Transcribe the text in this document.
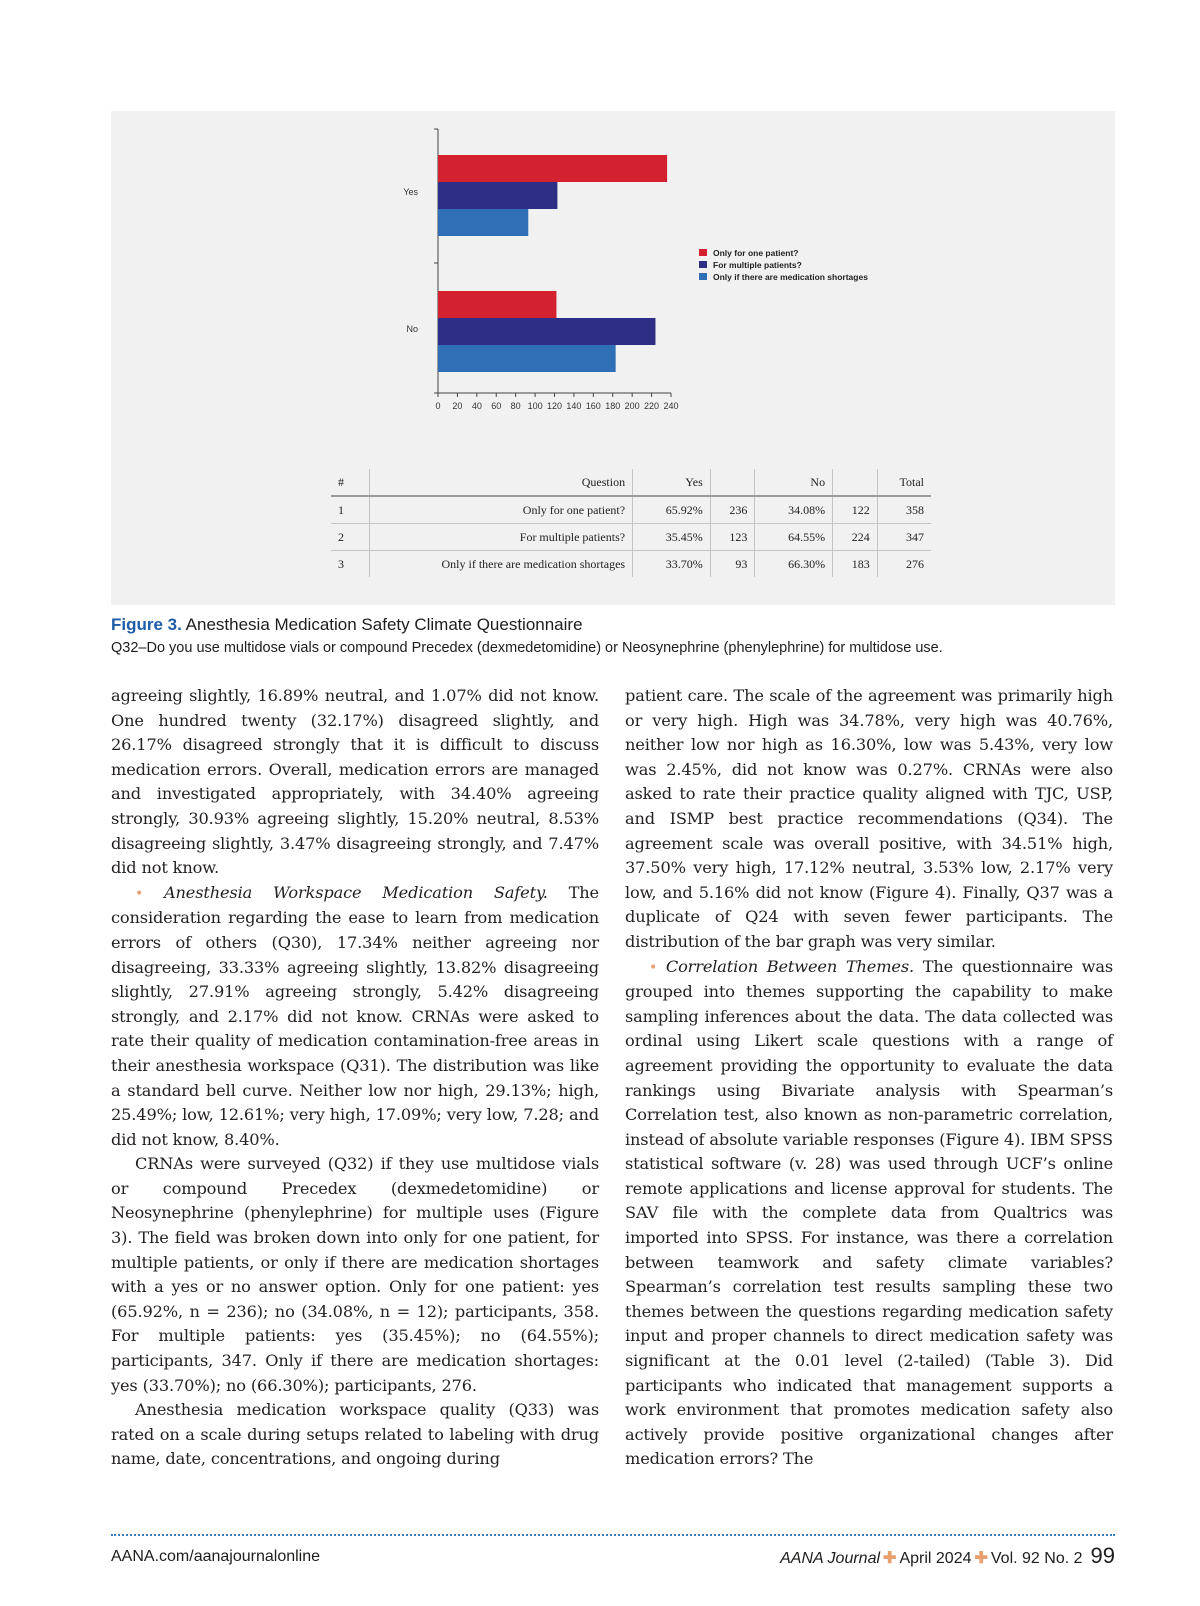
0 20 40 60 80 100 120 140 160 180 200 220 240
Yes
No
Only for one patient?
For multiple patients?
Only if there are medication shortages
#	Question	Yes		No		Total
1	Only for one patient?	65.92%	236	34.08%	122	358
2	For multiple patients?	35.45%	123	64.55%	224	347
3	Only if there are medication shortages	33.70%	93	66.30%	183	276
Figure 3. Anesthesia Medication Safety Climate Questionnaire
Q32–Do you use multidose vials or compound Precedex (dexmedetomidine) or Neosynephrine (phenylephrine) for multidose use.

agreeing slightly, 16.89% neutral, and 1.07% did not know. One hundred twenty (32.17%) disagreed slightly, and 26.17% disagreed strongly that it is difficult to discuss medication errors. Overall, medication errors are managed and investigated appropriately, with 34.40% agreeing strongly, 30.93% agreeing slightly, 15.20% neutral, 8.53% disagreeing slightly, 3.47% disagreeing strongly, and 7.47% did not know.

• Anesthesia Workspace Medication Safety. The consideration regarding the ease to learn from medication errors of others (Q30), 17.34% neither agreeing nor disagreeing, 33.33% agreeing slightly, 13.82% disagreeing slightly, 27.91% agreeing strongly, 5.42% disagreeing strongly, and 2.17% did not know. CRNAs were asked to rate their quality of medication contamination-free areas in their anesthesia workspace (Q31). The distribution was like a standard bell curve. Neither low nor high, 29.13%; high, 25.49%; low, 12.61%; very high, 17.09%; very low, 7.28; and did not know, 8.40%.

CRNAs were surveyed (Q32) if they use multidose vials or compound Precedex (dexmedetomidine) or Neosynephrine (phenylephrine) for multiple uses (Figure 3). The field was broken down into only for one patient, for multiple patients, or only if there are medication shortages with a yes or no answer option. Only for one patient: yes (65.92%, n = 236); no (34.08%, n = 12); participants, 358. For multiple patients: yes (35.45%); no (64.55%); participants, 347. Only if there are medication shortages: yes (33.70%); no (66.30%); participants, 276.

Anesthesia medication workspace quality (Q33) was rated on a scale during setups related to labeling with drug name, date, concentrations, and ongoing during

patient care. The scale of the agreement was primarily high or very high. High was 34.78%, very high was 40.76%, neither low nor high as 16.30%, low was 5.43%, very low was 2.45%, did not know was 0.27%. CRNAs were also asked to rate their practice quality aligned with TJC, USP, and ISMP best practice recommendations (Q34). The agreement scale was overall positive, with 34.51% high, 37.50% very high, 17.12% neutral, 3.53% low, 2.17% very low, and 5.16% did not know (Figure 4). Finally, Q37 was a duplicate of Q24 with seven fewer participants. The distribution of the bar graph was very similar.

• Correlation Between Themes. The questionnaire was grouped into themes supporting the capability to make sampling inferences about the data. The data collected was ordinal using Likert scale questions with a range of agreement providing the opportunity to evaluate the data rankings using Bivariate analysis with Spearman’s Correlation test, also known as non-parametric correlation, instead of absolute variable responses (Figure 4). IBM SPSS statistical software (v. 28) was used through UCF’s online remote applications and license approval for students. The SAV file with the complete data from Qualtrics was imported into SPSS. For instance, was there a correlation between teamwork and safety climate variables? Spearman’s correlation test results sampling these two themes between the questions regarding medication safety input and proper channels to direct medication safety was significant at the 0.01 level (2-tailed) (Table 3). Did participants who indicated that management supports a work environment that promotes medication safety also actively provide positive organizational changes after medication errors? The

AANA.com/aanajournalonline	AANA Journal ✚ April 2024 ✚ Vol. 92 No. 2 99
